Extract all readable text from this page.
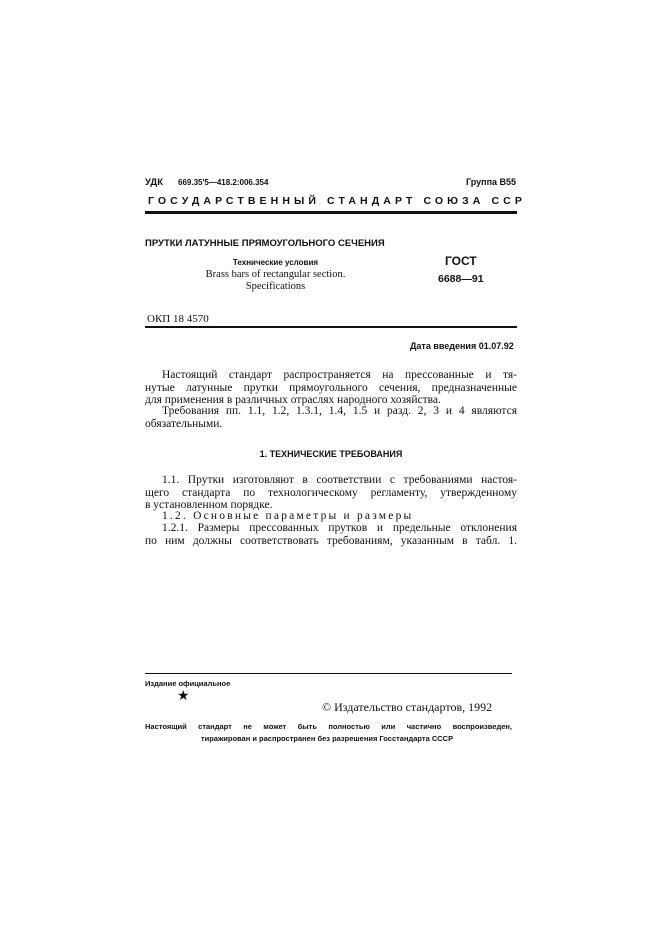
УДК 669.35'5—418.2:006.354	Группа В55
ГОСУДАРСТВЕННЫЙ СТАНДАРТ СОЮЗА ССР
ПРУТКИ ЛАТУННЫЕ ПРЯМОУГОЛЬНОГО СЕЧЕНИЯ
Технические условия
Brass bars of rectangular section.
Specifications
ГОСТ
6688—91
ОКП 18 4570
Дата введения 01.07.92
Настоящий стандарт распространяется на прессованные и тя-
нутые латунные прутки прямоугольного сечения, предназначенные
для применения в различных отраслях народного хозяйства.
Требования пп. 1.1, 1.2, 1.3.1, 1.4, 1.5 и разд. 2, 3 и 4 являются
обязательными.
1. ТЕХНИЧЕСКИЕ ТРЕБОВАНИЯ
1.1. Прутки изготовляют в соответствии с требованиями настоя-
щего стандарта по технологическому регламенту, утвержденному
в установленном порядке.
1.2. Основные параметры и размеры
1.2.1. Размеры прессованных прутков и предельные отклонения
по ним должны соответствовать требованиям, указанным в табл. 1.
Издание официальное
★
© Издательство стандартов, 1992
Настоящий стандарт не может быть полностью или частично воспроизведен,
тиражирован и распространен без разрешения Госстандарта СССР
